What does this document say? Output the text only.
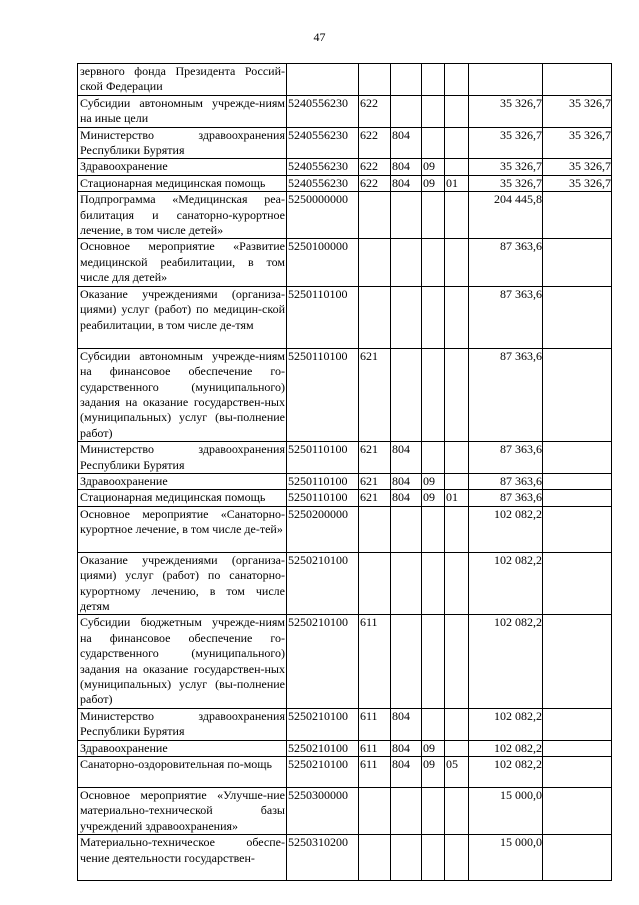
47
зервного фонда Президента Россий-ской Федерации							
Субсидии автономным учрежде-ниям на иные цели	5240556230	622				35 326,7	35 326,7
Министерство здравоохранения Республики Бурятия	5240556230	622	804			35 326,7	35 326,7
Здравоохранение	5240556230	622	804	09		35 326,7	35 326,7
Стационарная медицинская помощь	5240556230	622	804	09	01	35 326,7	35 326,7
Подпрограмма «Медицинская реа-билитация и санаторно-курортное лечение, в том числе детей»	5250000000					204 445,8	
Основное мероприятие «Развитие медицинской реабилитации, в том числе для детей»	5250100000					87 363,6	
Оказание учреждениями (организа-циями) услуг (работ) по медицин-ской реабилитации, в том числе де-тям	5250110100					87 363,6	
Субсидии автономным учрежде-ниям на финансовое обеспечение го-сударственного (муниципального) задания на оказание государствен-ных (муниципальных) услуг (вы-полнение работ)	5250110100	621				87 363,6	
Министерство здравоохранения Республики Бурятия	5250110100	621	804			87 363,6	
Здравоохранение	5250110100	621	804	09		87 363,6	
Стационарная медицинская помощь	5250110100	621	804	09	01	87 363,6	
Основное мероприятие «Санаторно-курортное лечение, в том числе де-тей»	5250200000					102 082,2	
Оказание учреждениями (организа-циями) услуг (работ) по санаторно-курортному лечению, в том числе детям	5250210100					102 082,2	
Субсидии бюджетным учрежде-ниям на финансовое обеспечение го-сударственного (муниципального) задания на оказание государствен-ных (муниципальных) услуг (вы-полнение работ)	5250210100	611				102 082,2	
Министерство здравоохранения Республики Бурятия	5250210100	611	804			102 082,2	
Здравоохранение	5250210100	611	804	09		102 082,2	
Санаторно-оздоровительная по-мощь	5250210100	611	804	09	05	102 082,2	
Основное мероприятие «Улучше-ние материально-технической базы учреждений здравоохранения»	5250300000					15 000,0	
Материально-техническое обеспе-чение деятельности государствен-	5250310200					15 000,0	
